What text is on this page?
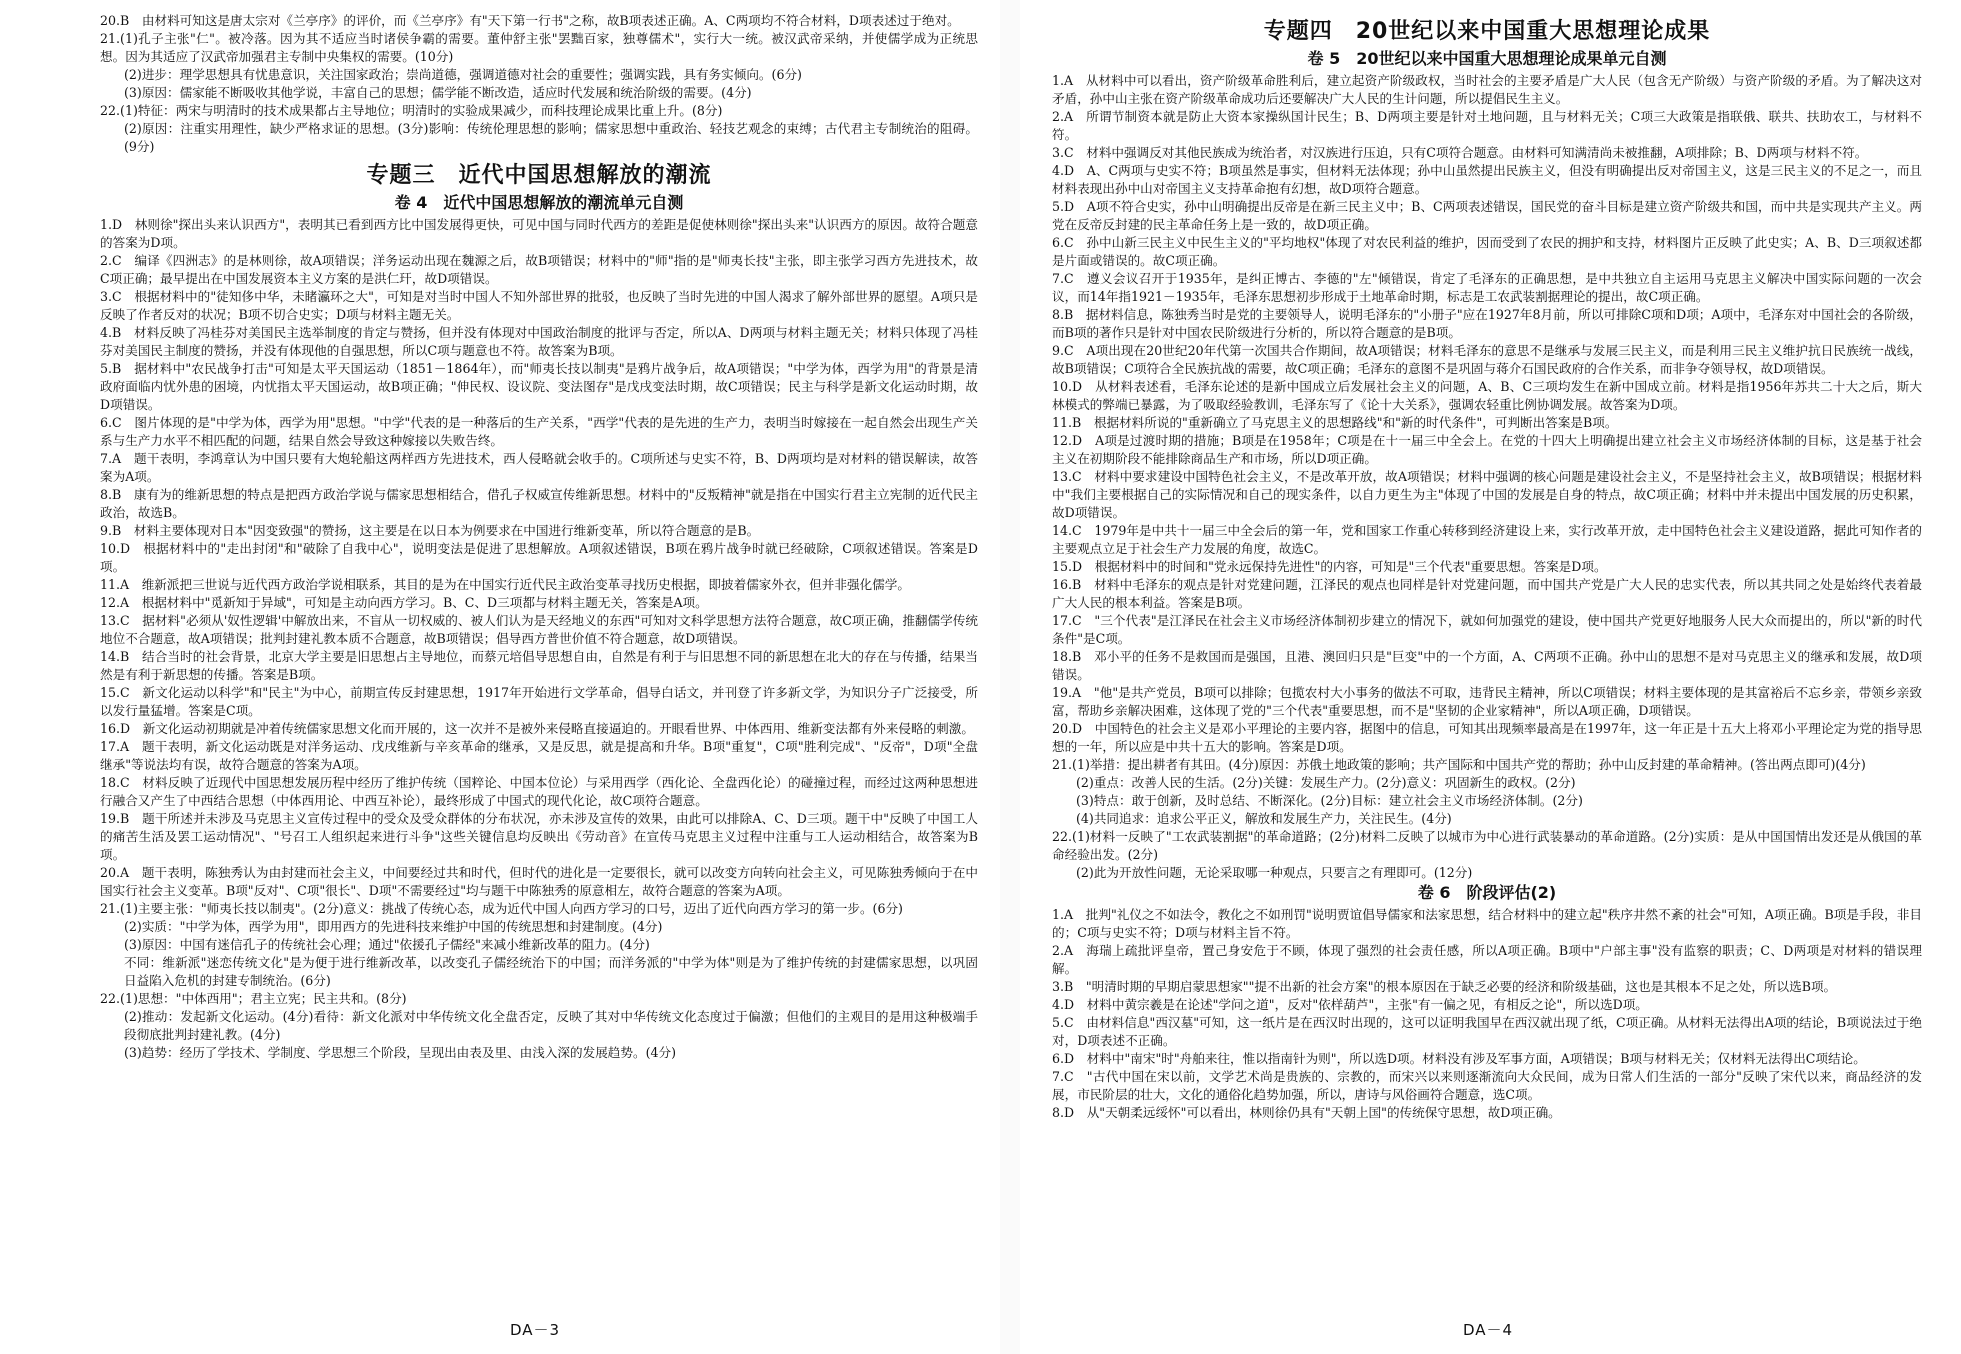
20.B　由材料可知这是唐太宗对《兰亭序》的评价，而《兰亭序》有"天下第一行书"之称，故B项表述正确。A、C两项均不符合材料，D项表述过于绝对。

21.(1)孔子主张"仁"。被冷落。因为其不适应当时诸侯争霸的需要。董仲舒主张"罢黜百家，独尊儒术"，实行大一统。被汉武帝采纳，并使儒学成为正统思想。因为其适应了汉武帝加强君主专制中央集权的需要。(10分)

(2)进步：理学思想具有忧患意识，关注国家政治；崇尚道德，强调道德对社会的重要性；强调实践，具有务实倾向。(6分)

(3)原因：儒家能不断吸收其他学说，丰富自己的思想；儒学能不断改造，适应时代发展和统治阶级的需要。(4分)

22.(1)特征：两宋与明清时的技术成果都占主导地位；明清时的实验成果减少，而科技理论成果比重上升。(8分)

(2)原因：注重实用理性，缺少严格求证的思想。(3分)影响：传统伦理思想的影响；儒家思想中重政治、轻技艺观念的束缚；古代君主专制统治的阻碍。(9分)

专题三　近代中国思想解放的潮流
卷 4　近代中国思想解放的潮流单元自测

1.D　林则徐"探出头来认识西方"，表明其已看到西方比中国发展得更快，可见中国与同时代西方的差距是促使林则徐"探出头来"认识西方的原因。故符合题意的答案为D项。

2.C　编译《四洲志》的是林则徐，故A项错误；洋务运动出现在魏源之后，故B项错误；材料中的"师"指的是"师夷长技"主张，即主张学习西方先进技术，故C项正确；最早提出在中国发展资本主义方案的是洪仁玕，故D项错误。

3.C　根据材料中的"徒知侈中华，未睹瀛环之大"，可知是对当时中国人不知外部世界的批驳，也反映了当时先进的中国人渴求了解外部世界的愿望。A项只是反映了作者反对的状况；B项不切合史实；D项与材料主题无关。

4.B　材料反映了冯桂芬对美国民主选举制度的肯定与赞扬，但并没有体现对中国政治制度的批评与否定，所以A、D两项与材料主题无关；材料只体现了冯桂芬对美国民主制度的赞扬，并没有体现他的自强思想，所以C项与题意也不符。故答案为B项。

5.B　据材料中"农民战争打击"可知是太平天国运动（1851－1864年），而"师夷长技以制夷"是鸦片战争后，故A项错误；"中学为体，西学为用"的背景是清政府面临内忧外患的困境，内忧指太平天国运动，故B项正确；"伸民权、设议院、变法图存"是戊戌变法时期，故C项错误；民主与科学是新文化运动时期，故D项错误。

6.C　图片体现的是"中学为体，西学为用"思想。"中学"代表的是一种落后的生产关系，"西学"代表的是先进的生产力，表明当时嫁接在一起自然会出现生产关系与生产力水平不相匹配的问题，结果自然会导致这种嫁接以失败告终。

7.A　题干表明，李鸿章认为中国只要有大炮轮船这两样西方先进技术，西人侵略就会收手的。C项所述与史实不符，B、D两项均是对材料的错误解读，故答案为A项。

8.B　康有为的维新思想的特点是把西方政治学说与儒家思想相结合，借孔子权威宣传维新思想。材料中的"反叛精神"就是指在中国实行君主立宪制的近代民主政治，故选B。

9.B　材料主要体现对日本"因变致强"的赞扬，这主要是在以日本为例要求在中国进行维新变革，所以符合题意的是B。

10.D　根据材料中的"走出封闭"和"破除了自我中心"，说明变法是促进了思想解放。A项叙述错误，B项在鸦片战争时就已经破除，C项叙述错误。答案是D项。

11.A　维新派把三世说与近代西方政治学说相联系，其目的是为在中国实行近代民主政治变革寻找历史根据，即披着儒家外衣，但并非强化儒学。

12.A　根据材料中"觅新知于异域"，可知是主动向西方学习。B、C、D三项都与材料主题无关，答案是A项。

13.C　据材料"必须从'奴性逻辑'中解放出来，不盲从一切权威的、被人们认为是天经地义的东西"可知对文科学思想方法符合题意，故C项正确，推翻儒学传统地位不合题意，故A项错误；批判封建礼教本质不合题意，故B项错误；倡导西方普世价值不符合题意，故D项错误。

14.B　结合当时的社会背景，北京大学主要是旧思想占主导地位，而蔡元培倡导思想自由，自然是有利于与旧思想不同的新思想在北大的存在与传播，结果当然是有利于新思想的传播。答案是B项。

15.C　新文化运动以科学"和"民主"为中心，前期宣传反封建思想，1917年开始进行文学革命，倡导白话文，并刊登了许多新文学，为知识分子广泛接受，所以发行量猛增。答案是C项。

16.D　新文化运动初期就是冲着传统儒家思想文化而开展的，这一次并不是被外来侵略直接逼迫的。开眼看世界、中体西用、维新变法都有外来侵略的刺激。

17.A　题干表明，新文化运动既是对洋务运动、戊戌维新与辛亥革命的继承，又是反思，就是提高和升华。B项"重复"，C项"胜利完成"、"反帝"，D项"全盘继承"等说法均有误，故符合题意的答案为A项。

18.C　材料反映了近现代中国思想发展历程中经历了维护传统（国粹论、中国本位论）与采用西学（西化论、全盘西化论）的碰撞过程，而经过这两种思想进行融合又产生了中西结合思想（中体西用论、中西互补论），最终形成了中国式的现代化论，故C项符合题意。

19.B　题干所述并未涉及马克思主义宣传过程中的受众及受众群体的分布状况，亦未涉及宣传的效果，由此可以排除A、C、D三项。题干中"反映了中国工人的痛苦生活及罢工运动情况"、"号召工人组织起来进行斗争"这些关键信息均反映出《劳动音》在宣传马克思主义过程中注重与工人运动相结合，故答案为B项。

20.A　题干表明，陈独秀认为由封建而社会主义，中间要经过共和时代，但时代的进化是一定要很长，就可以改变方向转向社会主义，可见陈独秀倾向于在中国实行社会主义变革。B项"反对"、C项"很长"、D项"不需要经过"均与题干中陈独秀的原意相左，故符合题意的答案为A项。

21.(1)主要主张："师夷长技以制夷"。(2分)意义：挑战了传统心态，成为近代中国人向西方学习的口号，迈出了近代向西方学习的第一步。(6分)

(2)实质："中学为体，西学为用"，即用西方的先进科技来维护中国的传统思想和封建制度。(4分)

(3)原因：中国有迷信孔子的传统社会心理；通过"依援孔子儒经"来减小维新改革的阻力。(4分)

不同：维新派"迷恋传统文化"是为便于进行维新改革，以改变孔子儒经统治下的中国；而洋务派的"中学为体"则是为了维护传统的封建儒家思想，以巩固日益陷入危机的封建专制统治。(6分)

22.(1)思想："中体西用"；君主立宪；民主共和。(8分)

(2)推动：发起新文化运动。(4分)看待：新文化派对中华传统文化全盘否定，反映了其对中华传统文化态度过于偏激；但他们的主观目的是用这种极端手段彻底批判封建礼教。(4分)

(3)趋势：经历了学技术、学制度、学思想三个阶段，呈现出由表及里、由浅入深的发展趋势。(4分)

专题四　20世纪以来中国重大思想理论成果
卷 5　20世纪以来中国重大思想理论成果单元自测

1.A　从材料中可以看出，资产阶级革命胜利后，建立起资产阶级政权，当时社会的主要矛盾是广大人民（包含无产阶级）与资产阶级的矛盾。为了解决这对矛盾，孙中山主张在资产阶级革命成功后还要解决广大人民的生计问题，所以提倡民生主义。

2.A　所谓节制资本就是防止大资本家操纵国计民生；B、D两项主要是针对土地问题，且与材料无关；C项三大政策是指联俄、联共、扶助农工，与材料不符。

3.C　材料中强调反对其他民族成为统治者，对汉族进行压迫，只有C项符合题意。由材料可知满清尚未被推翻，A项排除；B、D两项与材料不符。

4.D　A、C两项与史实不符；B项虽然是事实，但材料无法体现；孙中山虽然提出民族主义，但没有明确提出反对帝国主义，这是三民主义的不足之一，而且材料表现出孙中山对帝国主义支持革命抱有幻想，故D项符合题意。

5.D　A项不符合史实，孙中山明确提出反帝是在新三民主义中；B、C两项表述错误，国民党的奋斗目标是建立资产阶级共和国，而中共是实现共产主义。两党在反帝反封建的民主革命任务上是一致的，故D项正确。

6.C　孙中山新三民主义中民生主义的"平均地权"体现了对农民利益的维护，因而受到了农民的拥护和支持，材料图片正反映了此史实；A、B、D三项叙述都是片面或错误的。故C项正确。

7.C　遵义会议召开于1935年，是纠正博古、李德的"左"倾错误，肯定了毛泽东的正确思想，是中共独立自主运用马克思主义解决中国实际问题的一次会议，而14年指1921－1935年，毛泽东思想初步形成于土地革命时期，标志是工农武装割据理论的提出，故C项正确。

8.B　据材料信息，陈独秀当时是党的主要领导人，说明毛泽东的"小册子"应在1927年8月前，所以可排除C项和D项；A项中，毛泽东对中国社会的各阶级，而B项的著作只是针对中国农民阶级进行分析的，所以符合题意的是B项。

9.C　A项出现在20世纪20年代第一次国共合作期间，故A项错误；材料毛泽东的意思不是继承与发展三民主义，而是利用三民主义维护抗日民族统一战线，故B项错误；C项符合全民族抗战的需要，故C项正确；毛泽东的意图不是巩固与蒋介石国民政府的合作关系，而非争夺领导权，故D项错误。

10.D　从材料表述看，毛泽东论述的是新中国成立后发展社会主义的问题，A、B、C三项均发生在新中国成立前。材料是指1956年苏共二十大之后，斯大林模式的弊端已暴露，为了吸取经验教训，毛泽东写了《论十大关系》，强调农轻重比例协调发展。故答案为D项。

11.B　根据材料所说的"重新确立了马克思主义的思想路线"和"新的时代条件"，可判断出答案是B项。

12.D　A项是过渡时期的措施；B项是在1958年；C项是在十一届三中全会上。在党的十四大上明确提出建立社会主义市场经济体制的目标，这是基于社会主义在初期阶段不能排除商品生产和市场，所以D项正确。

13.C　材料中要求建设中国特色社会主义，不是改革开放，故A项错误；材料中强调的核心问题是建设社会主义，不是坚持社会主义，故B项错误；根据材料中"我们主要根据自己的实际情况和自己的现实条件，以自力更生为主"体现了中国的发展是自身的特点，故C项正确；材料中并未提出中国发展的历史积累，故D项错误。

14.C　1979年是中共十一届三中全会后的第一年，党和国家工作重心转移到经济建设上来，实行改革开放，走中国特色社会主义建设道路，据此可知作者的主要观点立足于社会生产力发展的角度，故选C。

15.D　根据材料中的时间和"党永远保持先进性"的内容，可知是"三个代表"重要思想。答案是D项。

16.B　材料中毛泽东的观点是针对党建问题，江泽民的观点也同样是针对党建问题，而中国共产党是广大人民的忠实代表，所以其共同之处是始终代表着最广大人民的根本利益。答案是B项。

17.C　"三个代表"是江泽民在社会主义市场经济体制初步建立的情况下，就如何加强党的建设，使中国共产党更好地服务人民大众而提出的，所以"新的时代条件"是C项。

18.B　邓小平的任务不是救国而是强国，且港、澳回归只是"巨变"中的一个方面，A、C两项不正确。孙中山的思想不是对马克思主义的继承和发展，故D项错误。

19.A　"他"是共产党员，B项可以排除；包揽农村大小事务的做法不可取，违背民主精神，所以C项错误；材料主要体现的是其富裕后不忘乡亲，带领乡亲致富，帮助乡亲解决困难，这体现了党的"三个代表"重要思想，而不是"坚韧的企业家精神"，所以A项正确，D项错误。

20.D　中国特色的社会主义是邓小平理论的主要内容，据图中的信息，可知其出现频率最高是在1997年，这一年正是十五大上将邓小平理论定为党的指导思想的一年，所以应是中共十五大的影响。答案是D项。

21.(1)举措：提出耕者有其田。(4分)原因：苏俄土地政策的影响；共产国际和中国共产党的帮助；孙中山反封建的革命精神。(答出两点即可)(4分)

(2)重点：改善人民的生活。(2分)关键：发展生产力。(2分)意义：巩固新生的政权。(2分)

(3)特点：敢于创新，及时总结、不断深化。(2分)目标：建立社会主义市场经济体制。(2分)

(4)共同追求：追求公平正义，解放和发展生产力，关注民生。(4分)

22.(1)材料一反映了"工农武装割据"的革命道路；(2分)材料二反映了以城市为中心进行武装暴动的革命道路。(2分)实质：是从中国国情出发还是从俄国的革命经验出发。(2分)

(2)此为开放性问题，无论采取哪一种观点，只要言之有理即可。(12分)

卷 6　阶段评估(2)

1.A　批判"礼仪之不如法令，教化之不如刑罚"说明贾谊倡导儒家和法家思想，结合材料中的建立起"秩序井然不紊的社会"可知，A项正确。B项是手段，非目的；C项与史实不符；D项与材料主旨不符。

2.A　海瑞上疏批评皇帝，置己身安危于不顾，体现了强烈的社会责任感，所以A项正确。B项中"户部主事"没有监察的职责；C、D两项是对材料的错误理解。

3.B　"明清时期的早期启蒙思想家""提不出新的社会方案"的根本原因在于缺乏必要的经济和阶级基础，这也是其根本不足之处，所以选B项。

4.D　材料中黄宗羲是在论述"学问之道"，反对"依样葫芦"，主张"有一偏之见，有相反之论"，所以选D项。

5.C　由材料信息"西汉墓"可知，这一纸片是在西汉时出现的，这可以证明我国早在西汉就出现了纸，C项正确。从材料无法得出A项的结论，B项说法过于绝对，D项表述不正确。

6.D　材料中"南宋"时"舟舶来往，惟以指南针为则"，所以选D项。材料没有涉及军事方面，A项错误；B项与材料无关；仅材料无法得出C项结论。

7.C　"古代中国在宋以前，文学艺术尚是贵族的、宗教的，而宋兴以来则逐渐流向大众民间，成为日常人们生活的一部分"反映了宋代以来，商品经济的发展，市民阶层的壮大，文化的通俗化趋势加强，所以，唐诗与风俗画符合题意，选C项。

8.D　从"天朝柔远绥怀"可以看出，林则徐仍具有"天朝上国"的传统保守思想，故D项正确。

DA－3	DA－4
